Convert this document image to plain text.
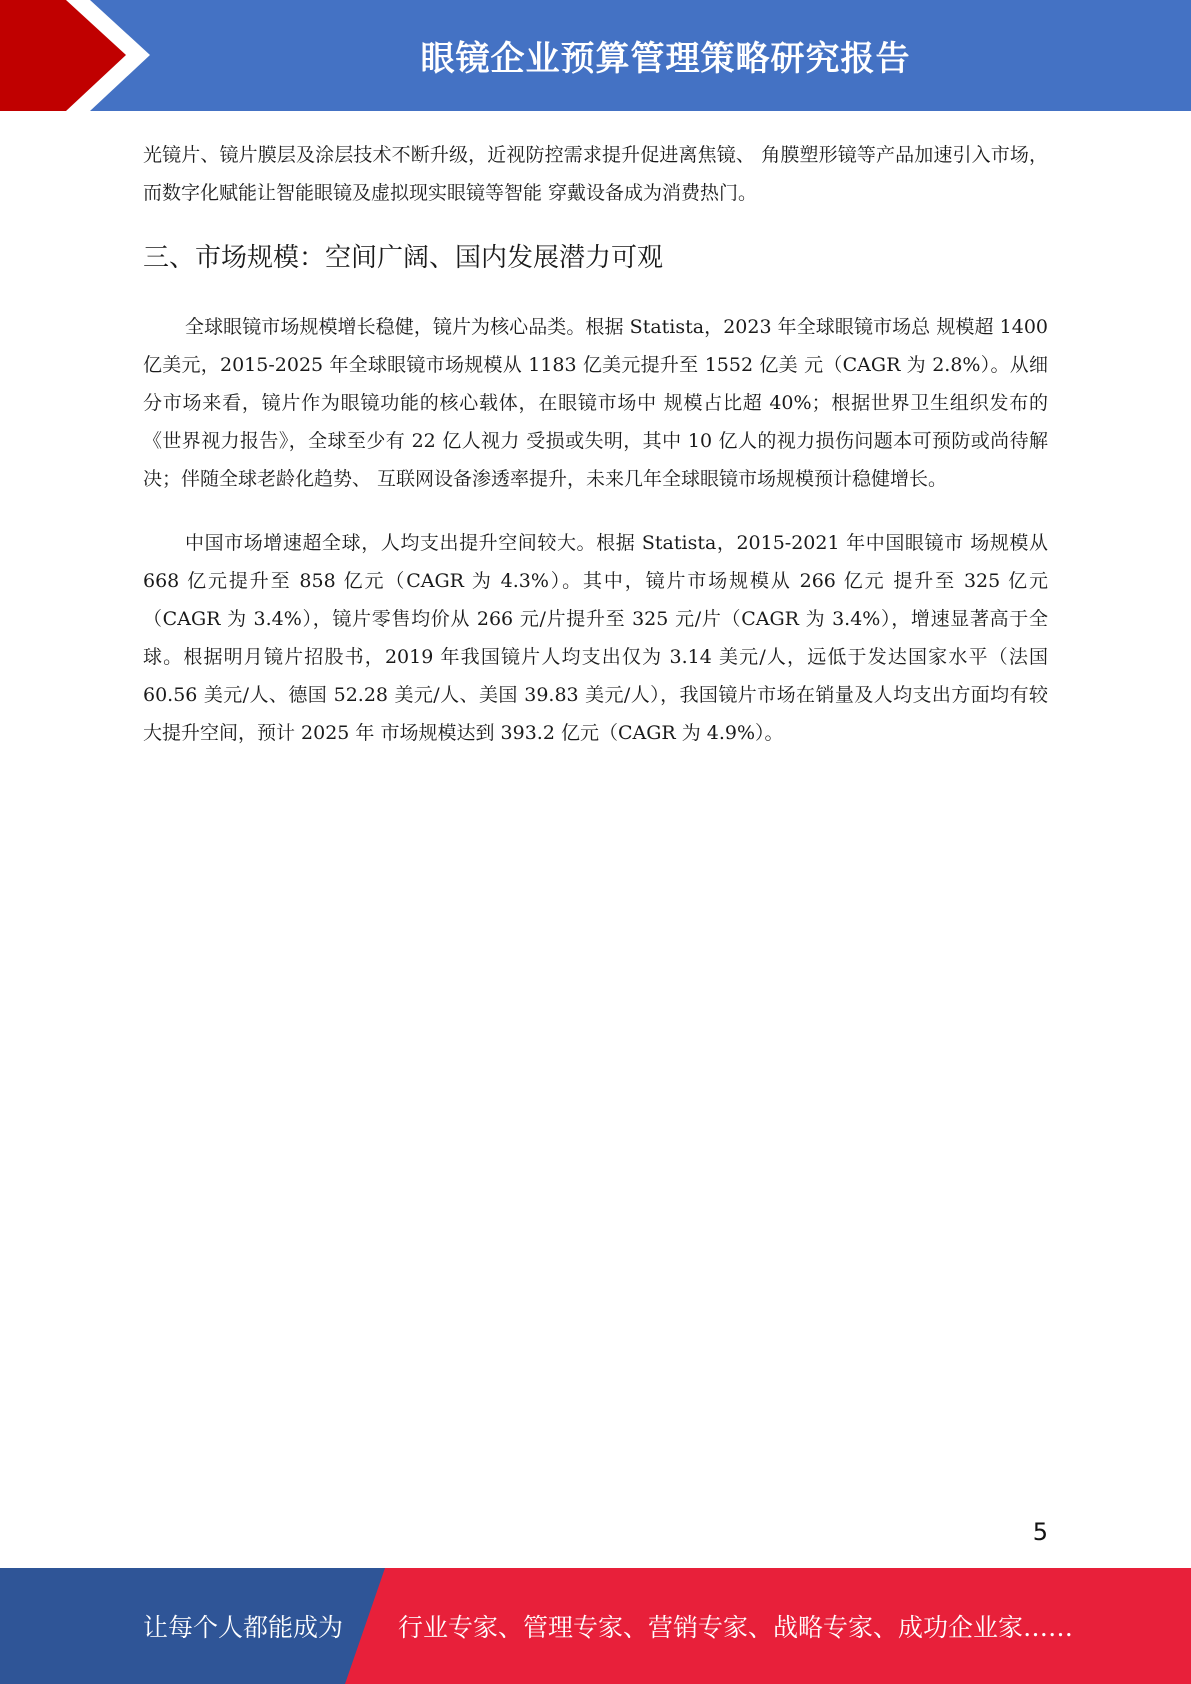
眼镜企业预算管理策略研究报告

光镜片、镜片膜层及涂层技术不断升级，近视防控需求提升促进离焦镜、 角膜塑形镜等产品加速引入市场，而数字化赋能让智能眼镜及虚拟现实眼镜等智能 穿戴设备成为消费热门。

三、市场规模：空间广阔、国内发展潜力可观

全球眼镜市场规模增长稳健，镜片为核心品类。根据 Statista，2023 年全球眼镜市场总 规模超 1400 亿美元，2015-2025 年全球眼镜市场规模从 1183 亿美元提升至 1552 亿美 元（CAGR 为 2.8%）。从细分市场来看，镜片作为眼镜功能的核心载体，在眼镜市场中 规模占比超 40%；根据世界卫生组织发布的《世界视力报告》，全球至少有 22 亿人视力 受损或失明，其中 10 亿人的视力损伤问题本可预防或尚待解决；伴随全球老龄化趋势、 互联网设备渗透率提升，未来几年全球眼镜市场规模预计稳健增长。

中国市场增速超全球，人均支出提升空间较大。根据 Statista，2015-2021 年中国眼镜市 场规模从 668 亿元提升至 858 亿元（CAGR 为 4.3%）。其中，镜片市场规模从 266 亿元 提升至 325 亿元（CAGR 为 3.4%），镜片零售均价从 266 元/片提升至 325 元/片（CAGR 为 3.4%），增速显著高于全球。根据明月镜片招股书，2019 年我国镜片人均支出仅为 3.14 美元/人，远低于发达国家水平（法国 60.56 美元/人、德国 52.28 美元/人、美国 39.83 美元/人），我国镜片市场在销量及人均支出方面均有较大提升空间，预计 2025 年 市场规模达到 393.2 亿元（CAGR 为 4.9%）。

5
让每个人都能成为 行业专家、管理专家、营销专家、战略专家、成功企业家……
